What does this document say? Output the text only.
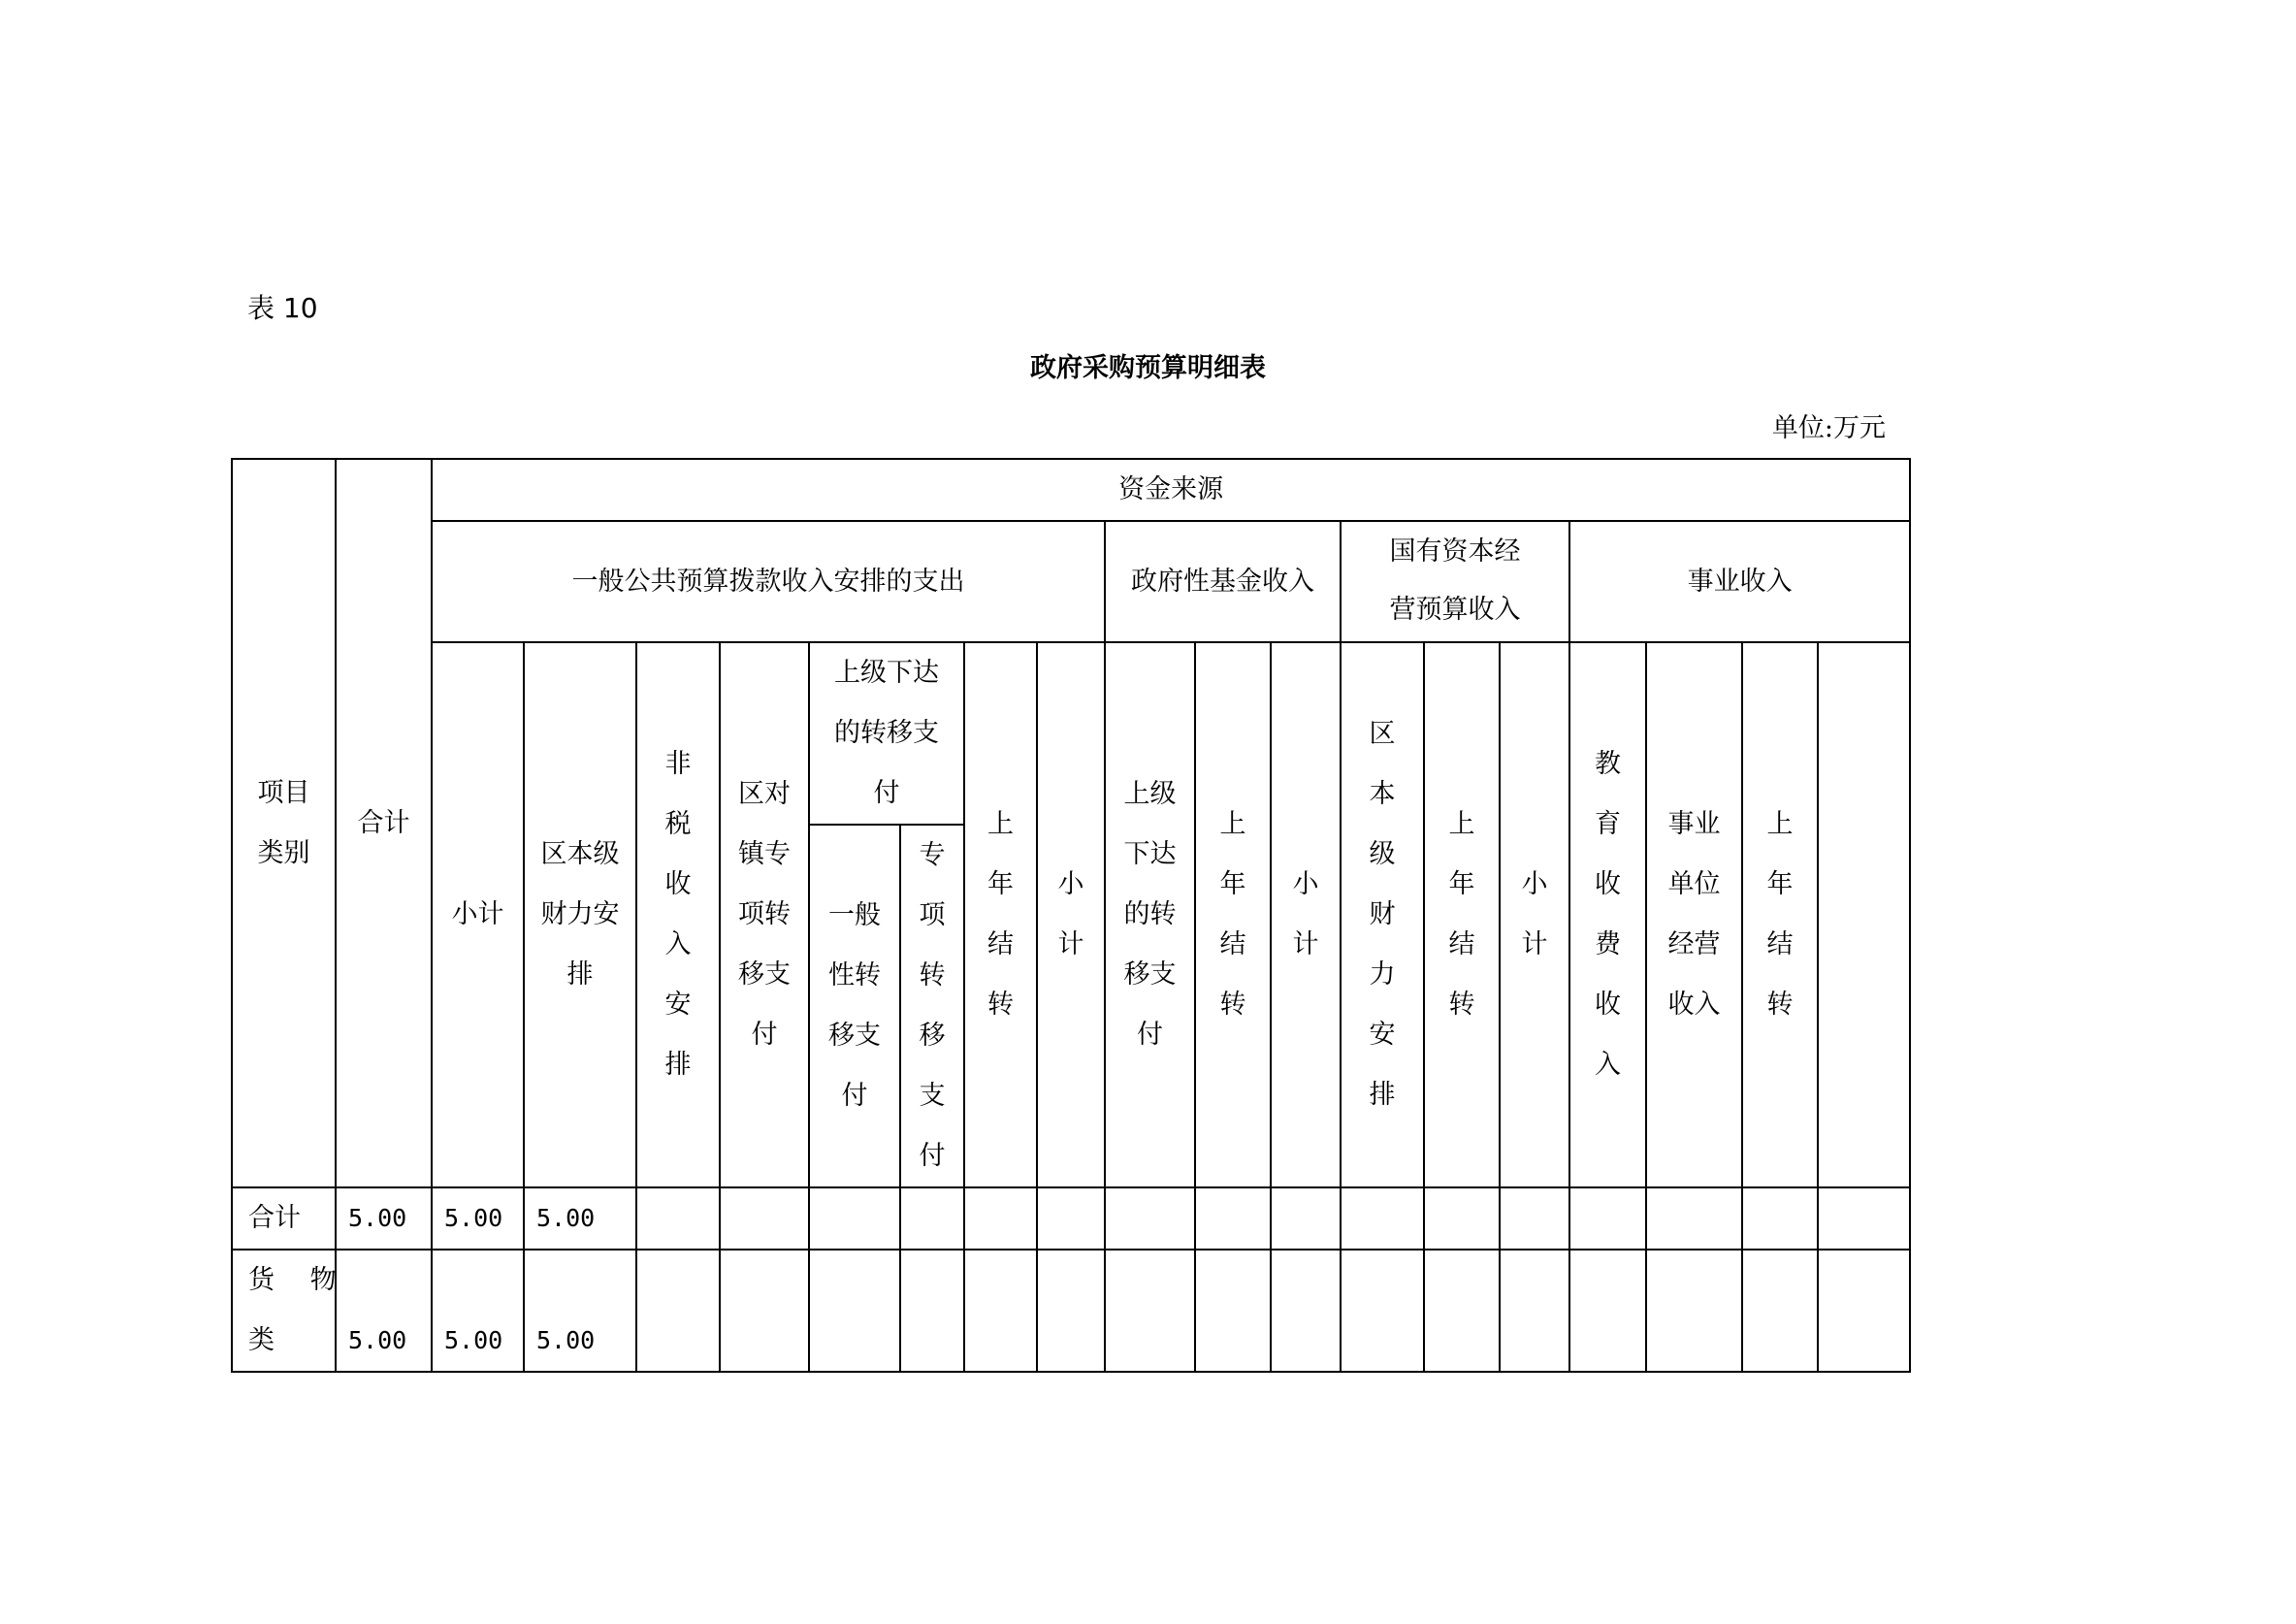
表 10
政府采购预算明细表
单位:万元
项目类别	合计	资金来源																		
		一般公共预算拨款收入安排的支出								政府性基金收入			国有资本经营预算收入			事业收入	
		小计	区本级财力安排	非税收入安排	区对镇专项转移支付	上级下达的转移支付		上年结转	小计	上级下达的转移支付	上年结转	小计	区本级财力安排	上年结转	小计	教育收费收入	事业单位经营收入	上年结转		
						一般性转移支付	专项转移支付													

合计	5.00	5.00	5.00																	

货 物
类	5.00	5.00	5.00																	
